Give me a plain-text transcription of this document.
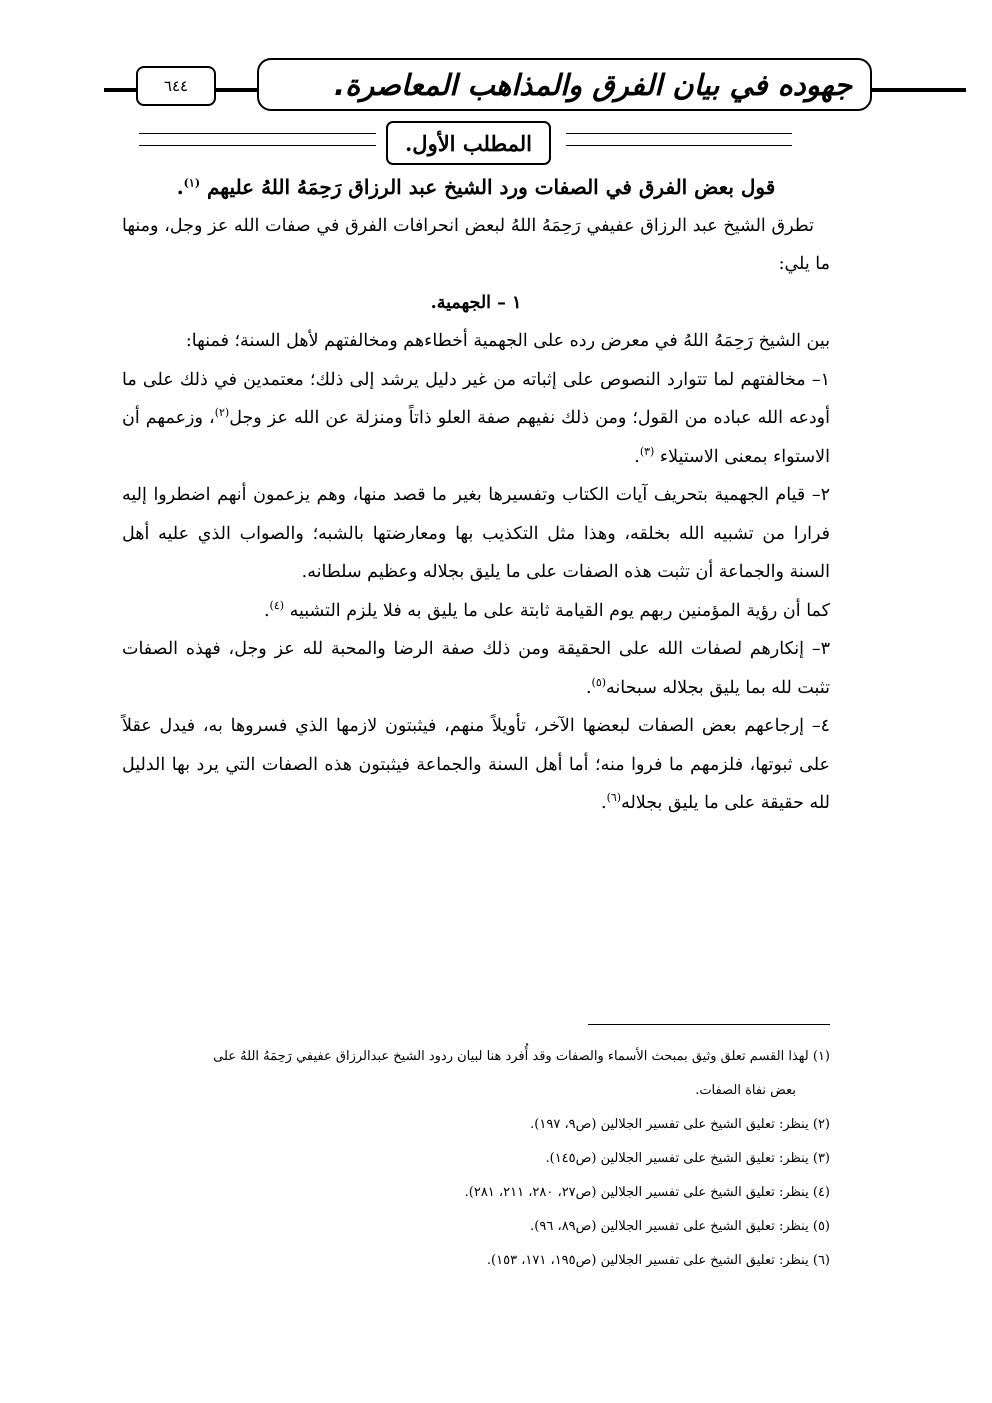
جهوده في بيان الفرق والمذاهب المعاصرة.
٦٤٤
المطلب الأول.

قول بعض الفرق في الصفات ورد الشيخ عبد الرزاق رَحِمَهُ اللهُ عليهم $^{(١)}$.

تطرق الشيخ عبد الرزاق عفيفي رَحِمَهُ اللهُ لبعض انحرافات الفرق في صفات الله عز وجل، ومنها ما يلي:

١ – الجهمية.

بين الشيخ رَحِمَهُ اللهُ في معرض رده على الجهمية أخطاءهم ومخالفتهم لأهل السنة؛ فمنها:

١– مخالفتهم لما تتوارد النصوص على إثباته من غير دليل يرشد إلى ذلك؛ معتمدين في ذلك على ما أودعه الله عباده من القول؛ ومن ذلك نفيهم صفة العلو ذاتاً ومنزلة عن الله عز وجل$^{(٢)}$، وزعمهم أن الاستواء بمعنى الاستيلاء $^{(٣)}$.

٢– قيام الجهمية بتحريف آيات الكتاب وتفسيرها بغير ما قصد منها، وهم يزعمون أنهم اضطروا إليه فرارا من تشبيه الله بخلقه، وهذا مثل التكذيب بها ومعارضتها بالشبه؛ والصواب الذي عليه أهل السنة والجماعة أن تثبت هذه الصفات على ما يليق بجلاله وعظيم سلطانه.

كما أن رؤية المؤمنين ربهم يوم القيامة ثابتة على ما يليق به فلا يلزم التشبيه $^{(٤)}$.

٣– إنكارهم لصفات الله على الحقيقة ومن ذلك صفة الرضا والمحبة لله عز وجل، فهذه الصفات تثبت لله بما يليق بجلاله سبحانه$^{(٥)}$.

٤– إرجاعهم بعض الصفات لبعضها الآخر، تأويلاً منهم، فيثبتون لازمها الذي فسروها به، فيدل عقلاً على ثبوتها، فلزمهم ما فروا منه؛ أما أهل السنة والجماعة فيثبتون هذه الصفات التي يرد بها الدليل لله حقيقة على ما يليق بجلاله$^{(٦)}$.

(١) لهذا القسم تعلق وثيق بمبحث الأسماء والصفات وقد أُفرد هنا لبيان ردود الشيخ عبدالرزاق عفيفي رَحِمَهُ اللهُ على

بعض نفاة الصفات.

(٢) ينظر: تعليق الشيخ على تفسير الجلالين (ص٩، ١٩٧).

(٣) ينظر: تعليق الشيخ على تفسير الجلالين (ص١٤٥).

(٤) ينظر: تعليق الشيخ على تفسير الجلالين (ص٢٧، ٢٨٠، ٢١١، ٢٨١).

(٥) ينظر: تعليق الشيخ على تفسير الجلالين (ص٨٩، ٩٦).

(٦) ينظر: تعليق الشيخ على تفسير الجلالين (ص١٩٥، ١٧١، ١٥٣).
